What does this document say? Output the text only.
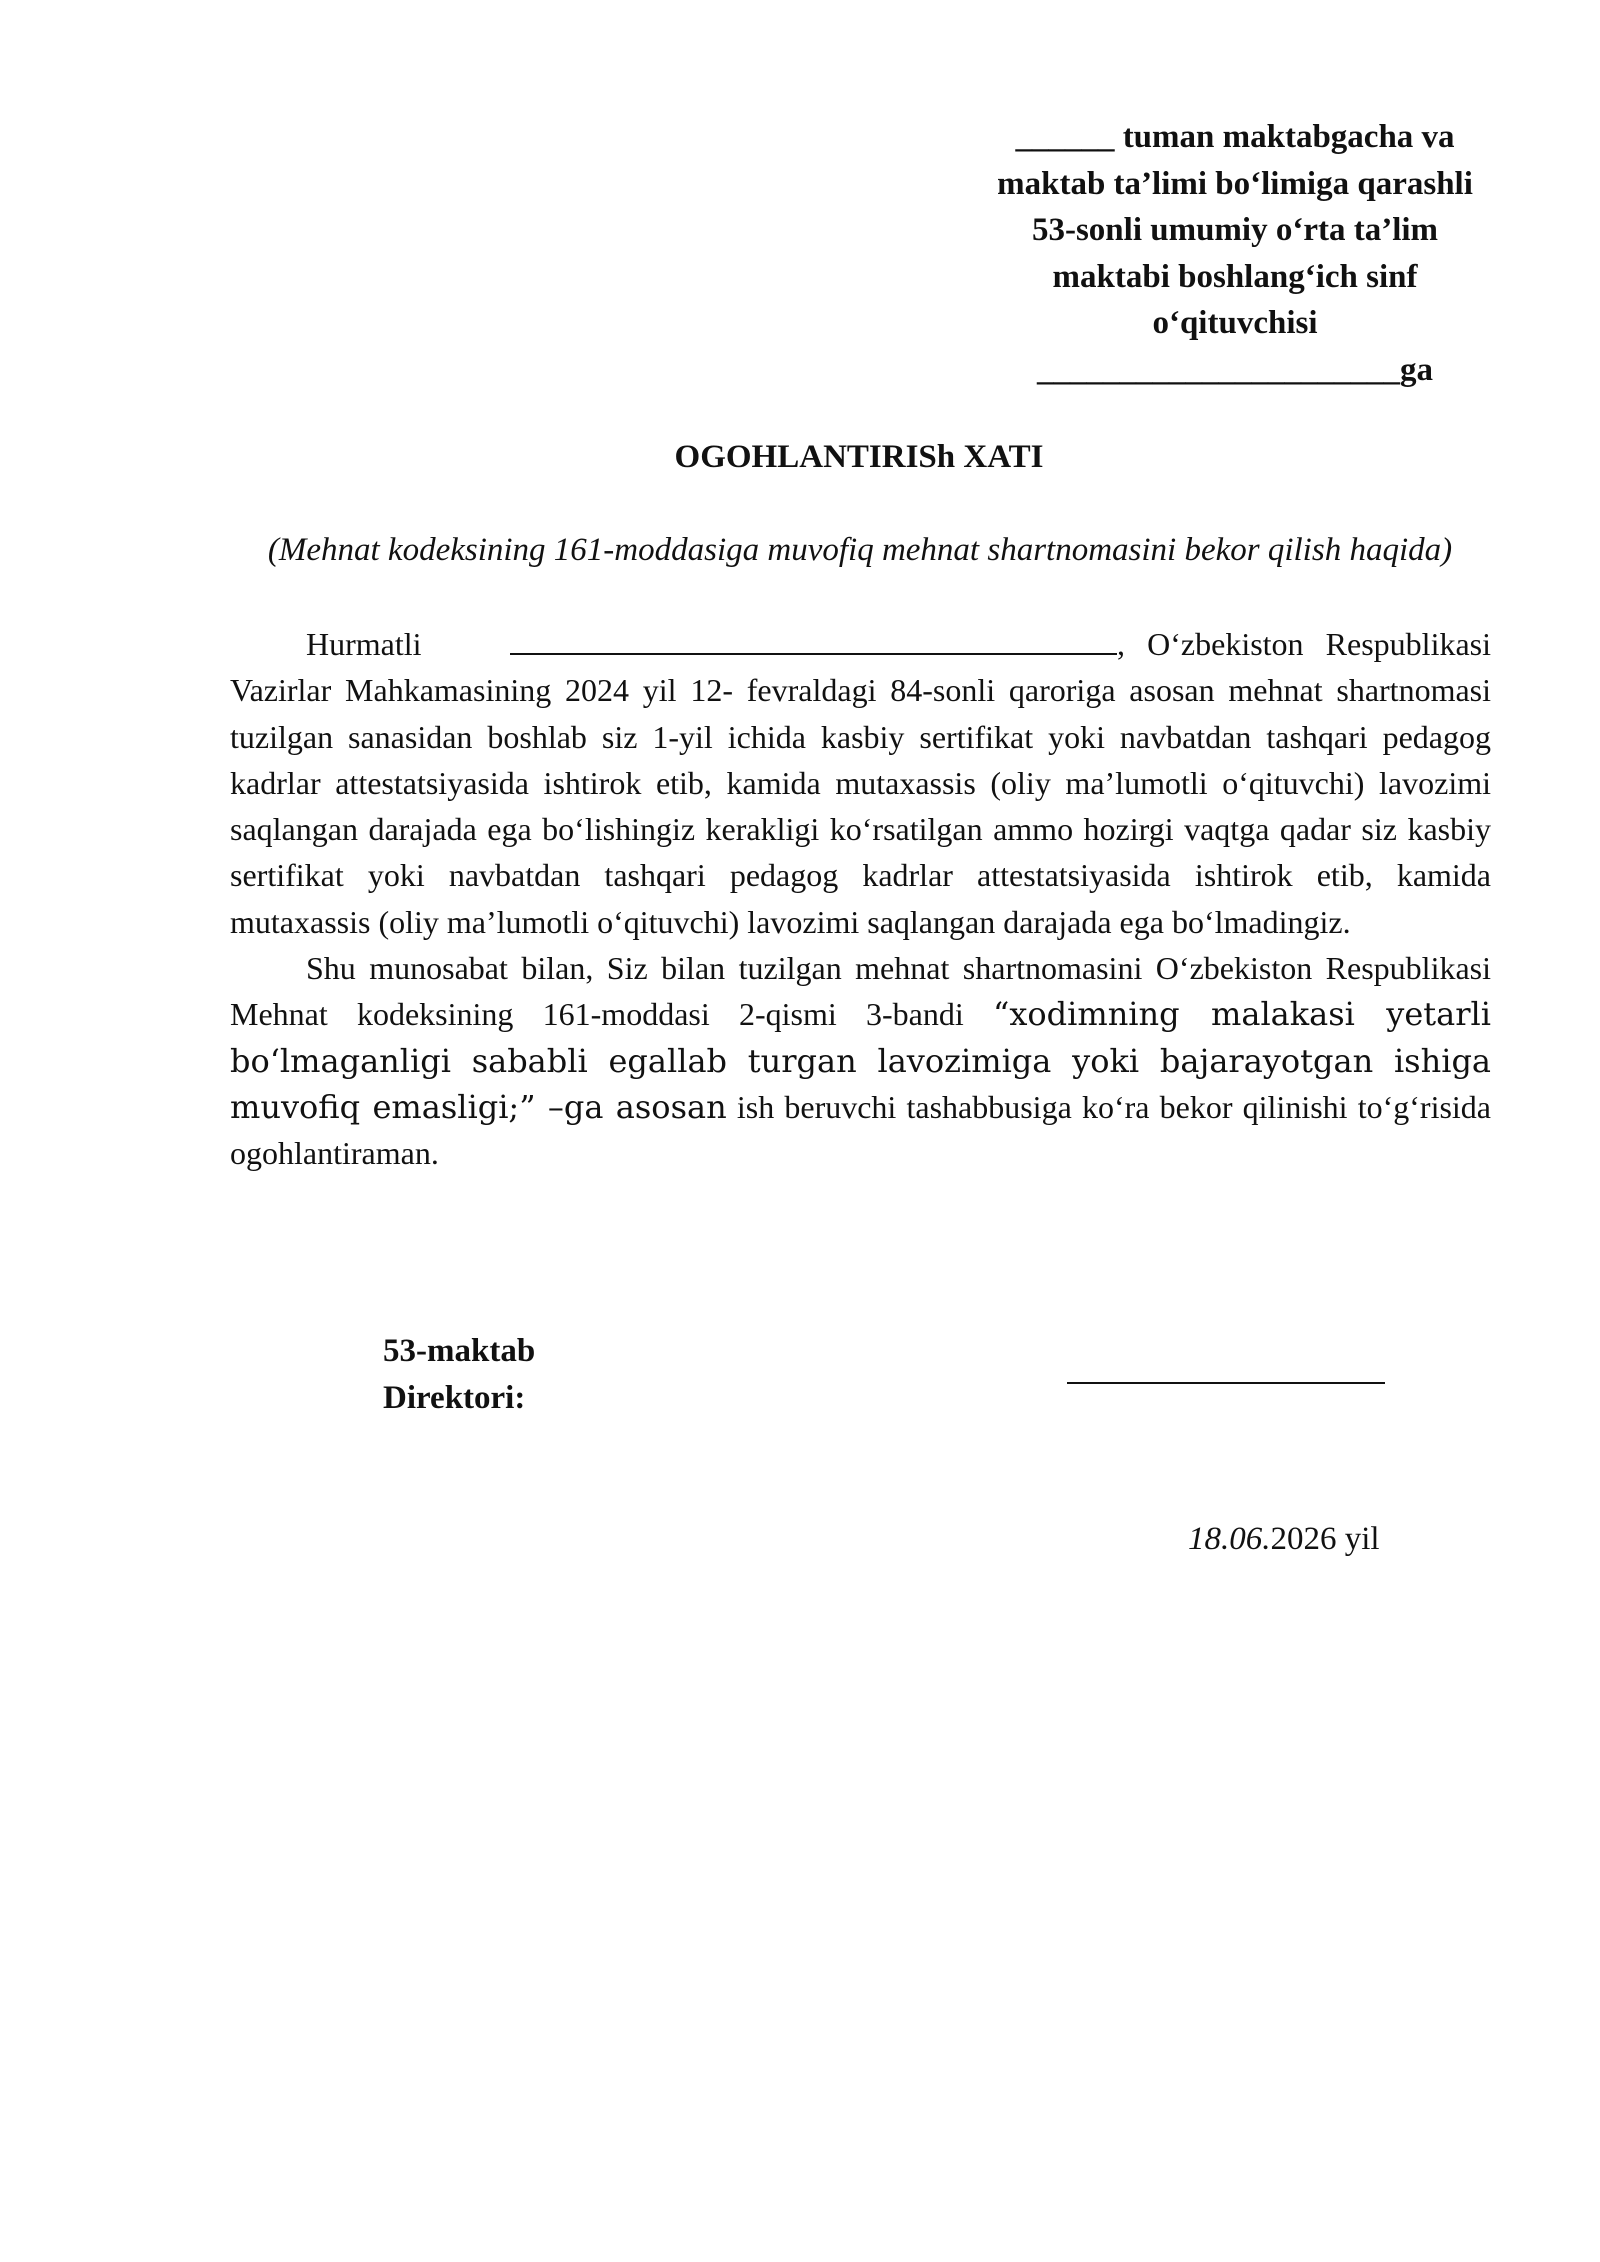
______ tuman maktabgacha va
maktab ta’limi bo‘limiga qarashli
53-sonli umumiy o‘rta ta’lim
maktabi boshlang‘ich sinf
o‘qituvchisi
______________________ga
OGOHLANTIRISh XATI
(Mehnat kodeksining 161-moddasiga muvofiq mehnat shartnomasini bekor qilish haqida)

Hurmatli	, O‘zbekiston Respublikasi Vazirlar Mahkamasining 2024 yil 12- fevraldagi 84-sonli qaroriga asosan mehnat shartnomasi tuzilgan sanasidan boshlab siz 1-yil ichida kasbiy sertifikat yoki navbatdan tashqari pedagog kadrlar attestatsiyasida ishtirok etib, kamida mutaxassis (oliy ma’lumotli o‘qituvchi) lavozimi saqlangan darajada ega bo‘lishingiz kerakligi ko‘rsatilgan ammo hozirgi vaqtga qadar siz kasbiy sertifikat yoki navbatdan tashqari pedagog kadrlar attestatsiyasida ishtirok etib, kamida mutaxassis (oliy ma’lumotli o‘qituvchi) lavozimi saqlangan darajada ega bo‘lmadingiz.

Shu munosabat bilan, Siz bilan tuzilgan mehnat shartnomasini O‘zbekiston Respublikasi Mehnat kodeksining 161-moddasi 2-qismi 3-bandi “xodimning malakasi yetarli bo‘lmaganligi sababli egallab turgan lavozimiga yoki bajarayotgan ishiga muvofiq emasligi;” –ga asosan ish beruvchi tashabbusiga ko‘ra bekor qilinishi to‘g‘risida ogohlantiraman.

53-maktab
Direktori:
18.06.2026 yil
